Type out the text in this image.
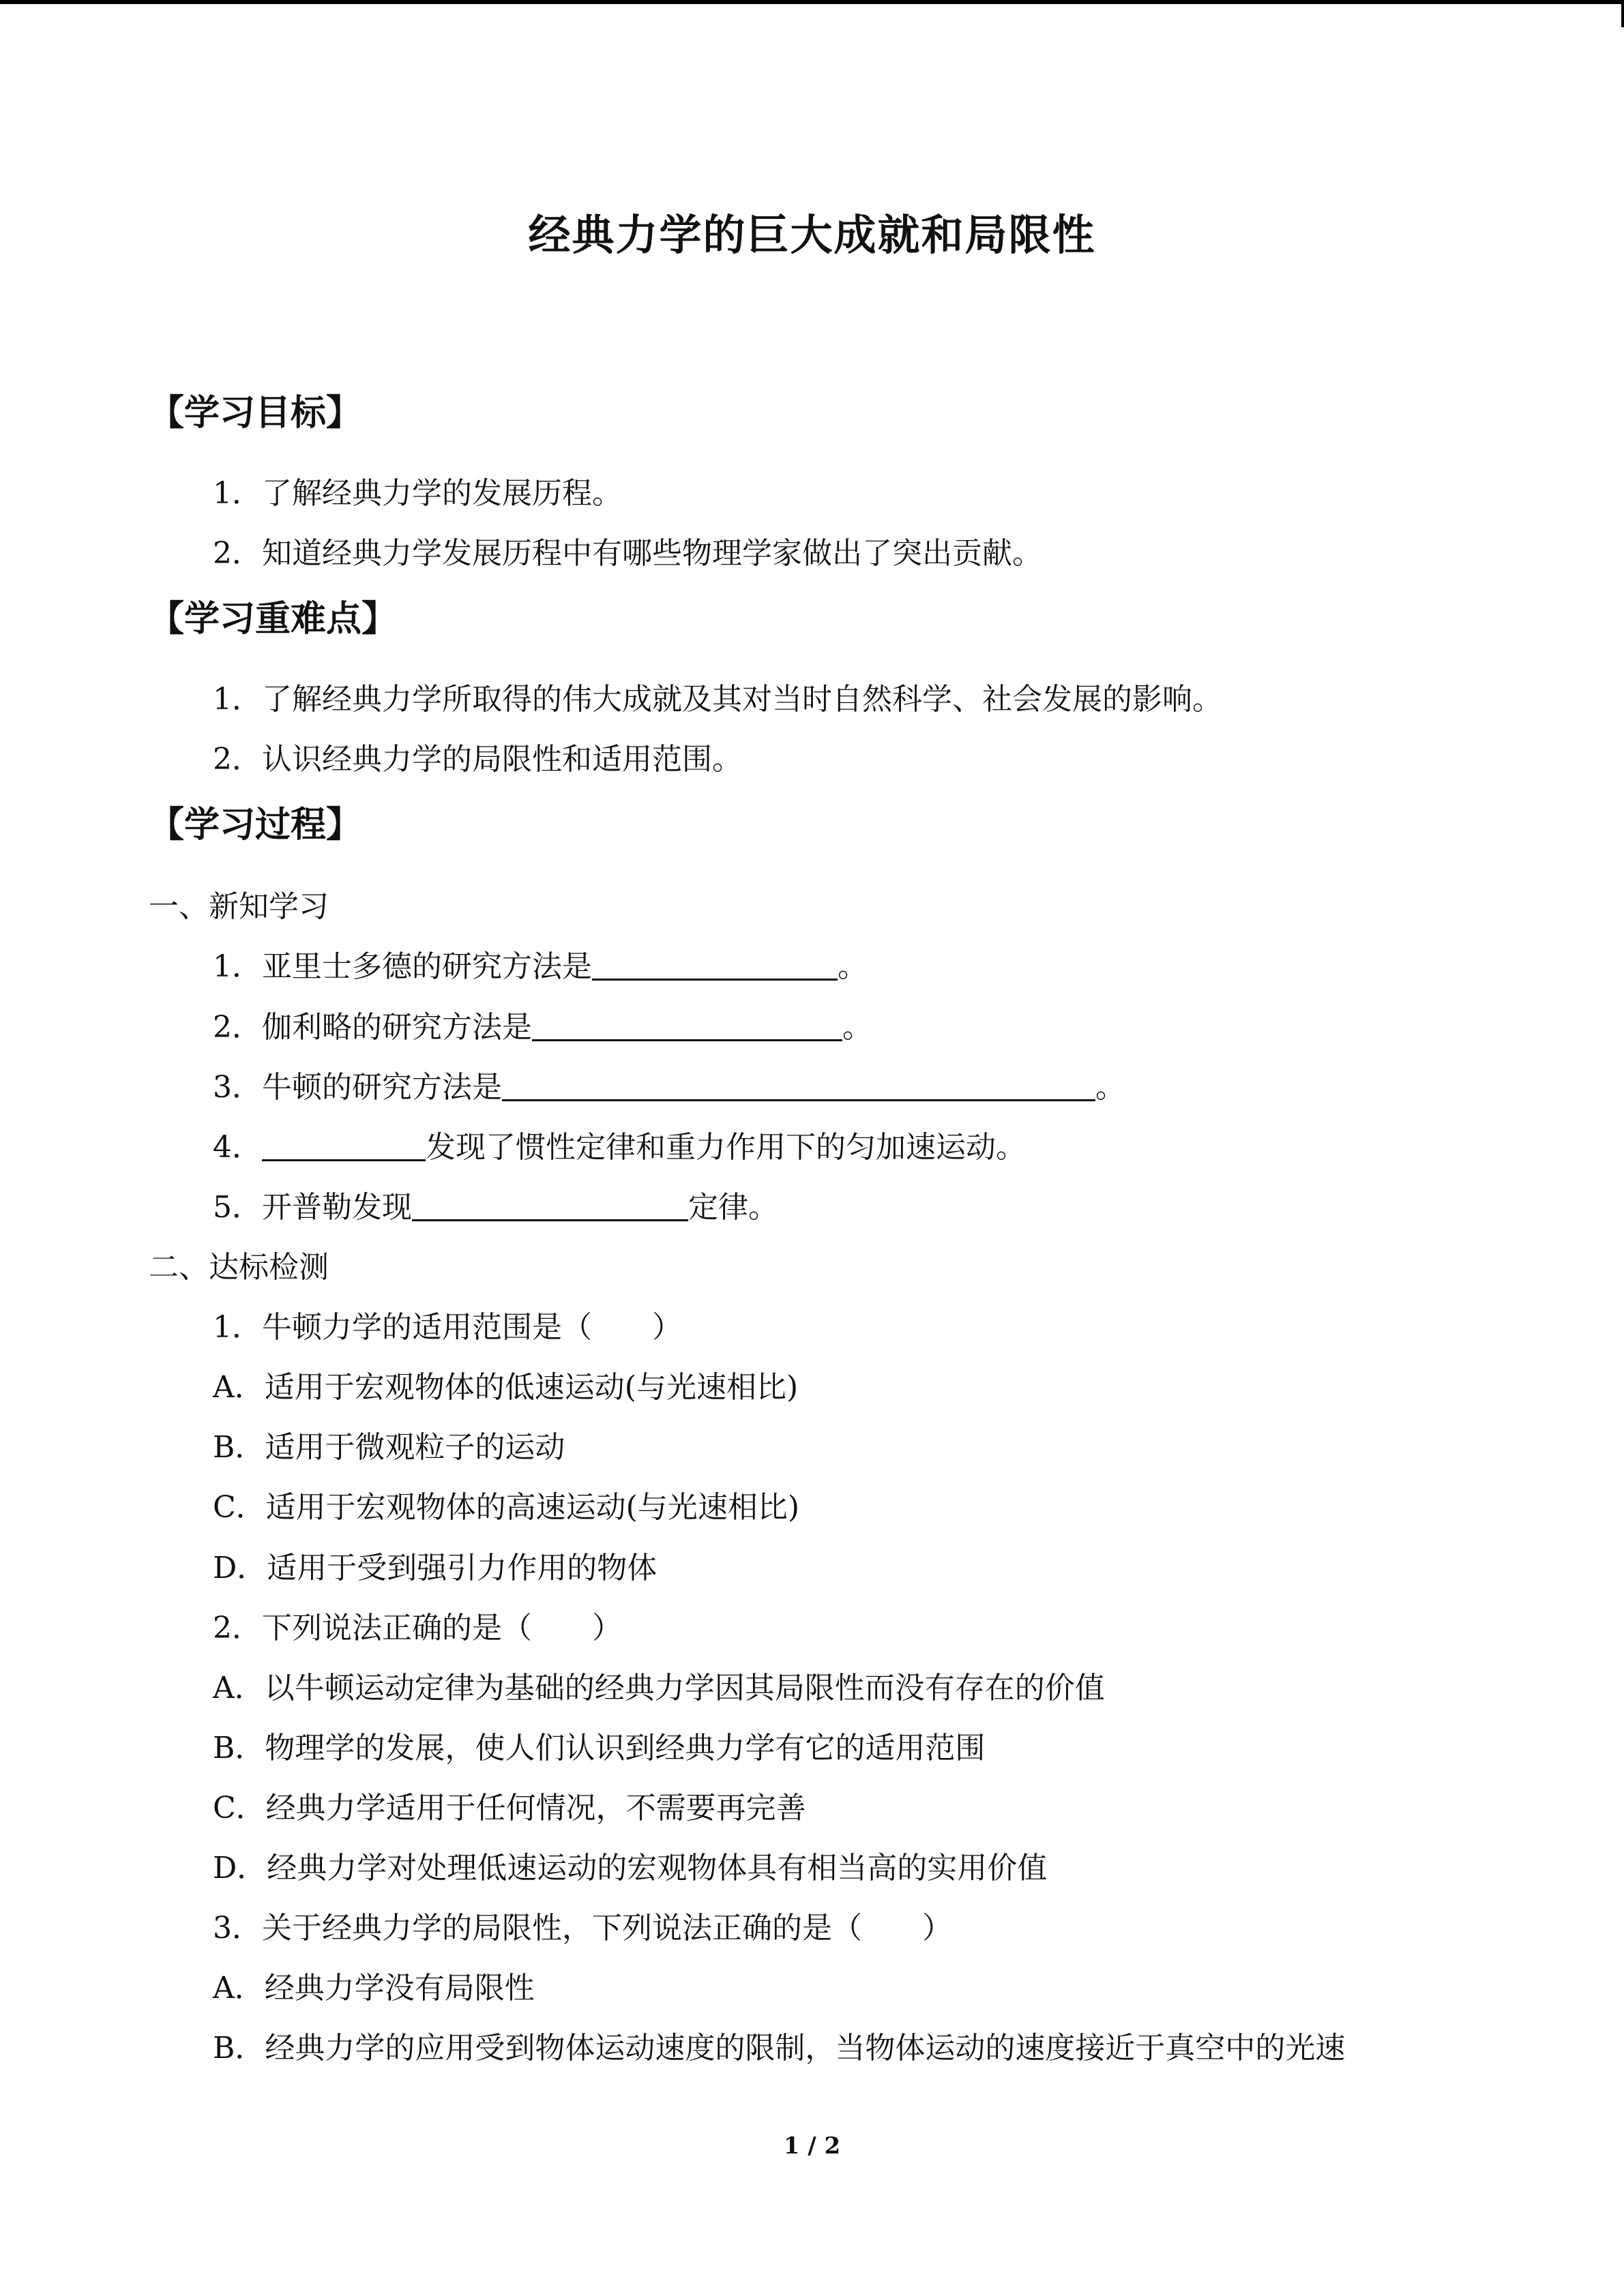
经典力学的巨大成就和局限性
【学习目标】
1．了解经典力学的发展历程。
2．知道经典力学发展历程中有哪些物理学家做出了突出贡献。
【学习重难点】
1．了解经典力学所取得的伟大成就及其对当时自然科学、社会发展的影响。
2．认识经典力学的局限性和适用范围。
【学习过程】
一、新知学习
1．亚里士多德的研究方法是	。
2．伽利略的研究方法是	。
3．牛顿的研究方法是	。
4．	发现了惯性定律和重力作用下的匀加速运动。
5．开普勒发现	定律。
二、达标检测
1．牛顿力学的适用范围是（　　）
A．适用于宏观物体的低速运动(与光速相比)
B．适用于微观粒子的运动
C．适用于宏观物体的高速运动(与光速相比)
D．适用于受到强引力作用的物体
2．下列说法正确的是（　　）
A．以牛顿运动定律为基础的经典力学因其局限性而没有存在的价值
B．物理学的发展，使人们认识到经典力学有它的适用范围
C．经典力学适用于任何情况，不需要再完善
D．经典力学对处理低速运动的宏观物体具有相当高的实用价值
3．关于经典力学的局限性，下列说法正确的是（　　）
A．经典力学没有局限性
B．经典力学的应用受到物体运动速度的限制，当物体运动的速度接近于真空中的光速
1 / 2
